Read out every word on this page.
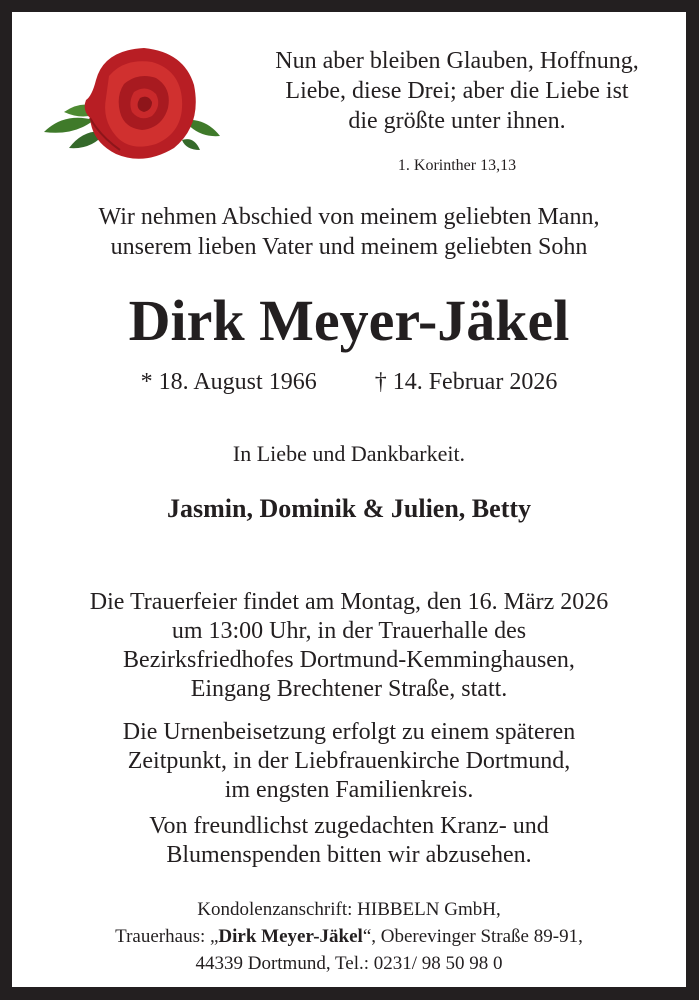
Nun aber bleiben Glauben, Hoffnung,
Liebe, diese Drei; aber die Liebe ist
die größte unter ihnen.
1. Korinther 13,13
Wir nehmen Abschied von meinem geliebten Mann,
unserem lieben Vater und meinem geliebten Sohn
Dirk Meyer-Jäkel
* 18. August 1966 † 14. Februar 2026
In Liebe und Dankbarkeit.
Jasmin, Dominik & Julien, Betty
Die Trauerfeier findet am Montag, den 16. März 2026
um 13:00 Uhr, in der Trauerhalle des
Bezirksfriedhofes Dortmund-Kemminghausen,
Eingang Brechtener Straße, statt.
Die Urnenbeisetzung erfolgt zu einem späteren
Zeitpunkt, in der Liebfrauenkirche Dortmund,
im engsten Familienkreis.
Von freundlichst zugedachten Kranz- und
Blumenspenden bitten wir abzusehen.
Kondolenzanschrift: HIBBELN GmbH,
Trauerhaus: „Dirk Meyer-Jäkel“, Oberevinger Straße 89-91,
44339 Dortmund, Tel.: 0231/ 98 50 98 0
